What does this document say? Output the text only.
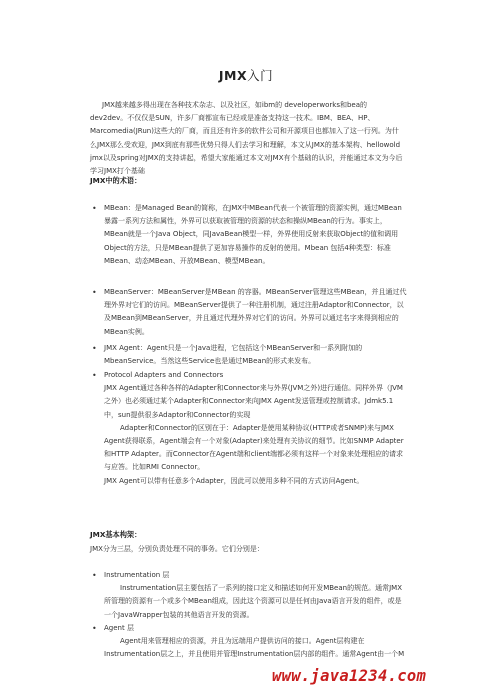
JMX入门
JMX越来越多得出现在各种技术杂志、以及社区，如ibm的 developerworks和bea的dev2dev。不仅仅是SUN，许多厂商都宣布已经或是准备支持这一技术。IBM、BEA、HP、Marcomedia(JRun)这些大的厂商，而且还有许多的软件公司和开源项目也都加入了这一行列。为什么JMX那么受欢迎，JMX到底有那些优势只得人们去学习和理解，本文从JMX的基本架构、hellowold jmx以及spring对JMX的支持讲起，希望大家能通过本文对JMX有个基础的认识，并能通过本文为今后学习JMX打个基础
JMX中的术语：
• MBean：是Managed Bean的简称，在JMX中MBean代表一个被管理的资源实例，通过MBean暴露一系列方法和属性，外界可以获取被管理的资源的状态和操纵MBean的行为。事实上，MBean就是一个Java Object，同JavaBean模型一样，外界使用反射来获取Object的值和调用Object的方法，只是MBean提供了更加容易操作的反射的使用。Mbean 包括4种类型：标准MBean、动态MBean、开放MBean、模型MBean。
• MBeanServer：MBeanServer是MBean 的容器。MBeanServer管理这些MBean，并且通过代理外界对它们的访问。MBeanServer提供了一种注册机制，通过注册Adaptor和Connector，以及MBean到MBeanServer，并且通过代理外界对它们的访问。外界可以通过名字来得到相应的MBean实例。
• JMX Agent：Agent只是一个Java进程，它包括这个MBeanServer和一系列附加的MbeanService。当然这些Service也是通过MBean的形式来发布。
• Protocol Adapters and Connectors
JMX Agent通过各种各样的Adapter和Connector来与外界(JVM之外)进行通信。同样外界（JVM之外）也必须通过某个Adapter和Connector来向JMX Agent发送管理或控制请求。Jdmk5.1中，sun提供很多Adaptor和Connector的实现
Adapter和Connector的区别在于：Adapter是使用某种协议(HTTP或者SNMP)来与JMX Agent获得联系，Agent端会有一个对象(Adapter)来处理有关协议的细节。比如SNMP Adapter和HTTP Adapter。而Connector在Agent端和client端都必须有这样一个对象来处理相应的请求与应答。比如RMI Connector。
JMX Agent可以带有任意多个Adapter，因此可以使用多种不同的方式访问Agent。
JMX基本构架：
JMX分为三层，分别负责处理不同的事务。它们分别是：
• Instrumentation 层
Instrumentation层主要包括了一系列的接口定义和描述如何开发MBean的规范。通常JMX所管理的资源有一个或多个MBean组成，因此这个资源可以是任何由Java语言开发的组件，或是一个JavaWrapper包装的其他语言开发的资源。
• Agent 层
Agent用来管理相应的资源，并且为远端用户提供访问的接口。Agent层构建在Instrumentation层之上，并且使用并管理Instrumentation层内部的组件。通常Agent由一个M
www.java1234.com
